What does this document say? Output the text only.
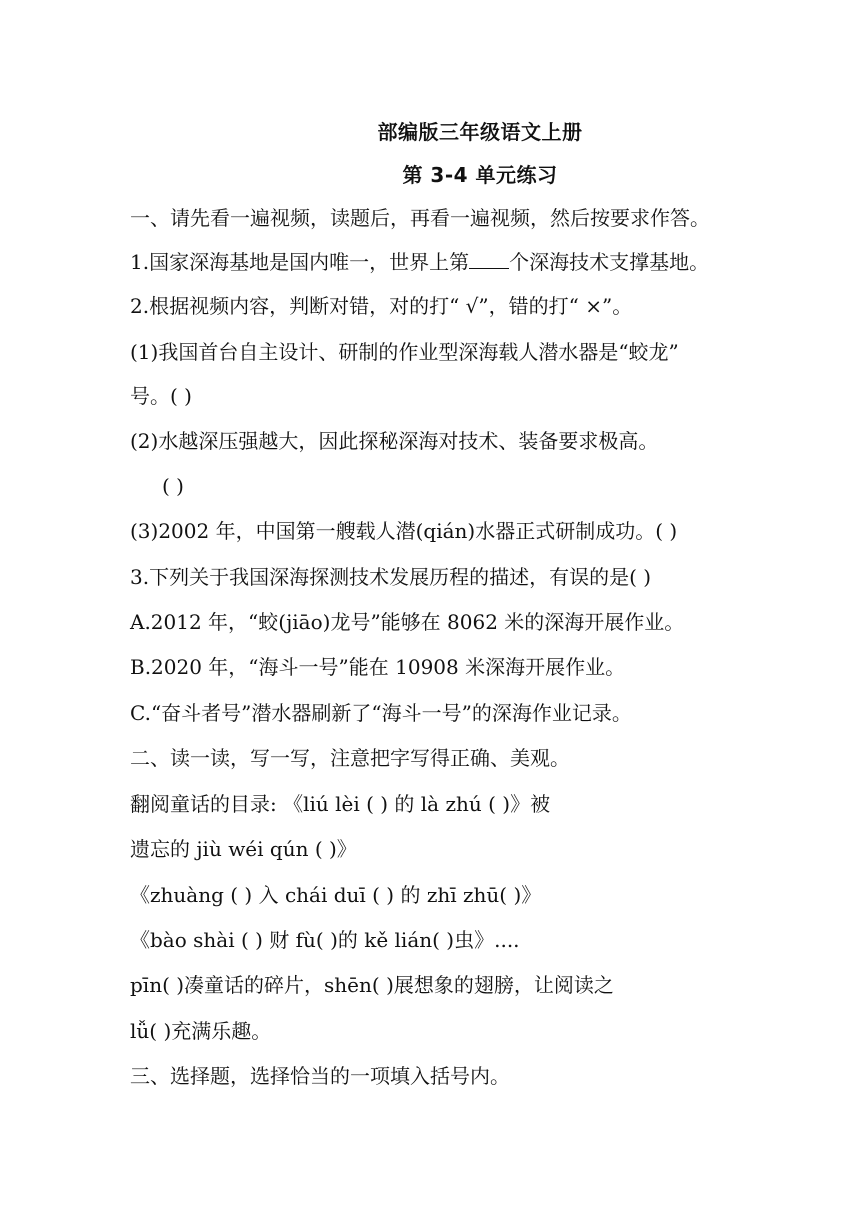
部编版三年级语文上册
第 3-4 单元练习
一、请先看一遍视频，读题后，再看一遍视频，然后按要求作答。
1.国家深海基地是国内唯一，世界上第 个深海技术支撑基地。
2.根据视频内容，判断对错，对的打“ √”，错的打“ ×”。
(1)我国首台自主设计、研制的作业型深海载人潜水器是“蛟龙”
号。( )
(2)水越深压强越大，因此探秘深海对技术、装备要求极高。
( )
(3)2002 年，中国第一艘载人潜(qián)水器正式研制成功。( )
3.下列关于我国深海探测技术发展历程的描述，有误的是( )
A.2012 年，“蛟(jiāo)龙号”能够在 8062 米的深海开展作业。
B.2020 年，“海斗一号”能在 10908 米深海开展作业。
C.“奋斗者号”潜水器刷新了“海斗一号”的深海作业记录。
二、读一读，写一写，注意把字写得正确、美观。
翻阅童话的目录: 《liú lèi ( ) 的 là zhú ( )》被
遗忘的 jiù wéi qún ( )》
《zhuàng ( ) 入 chái duī ( ) 的 zhī zhū( )》
《bào shài ( ) 财 fù( )的 kě lián( )虫》....
pīn( )凑童话的碎片，shēn( )展想象的翅膀，让阅读之
lǚ( )充满乐趣。
三、选择题，选择恰当的一项填入括号内。
